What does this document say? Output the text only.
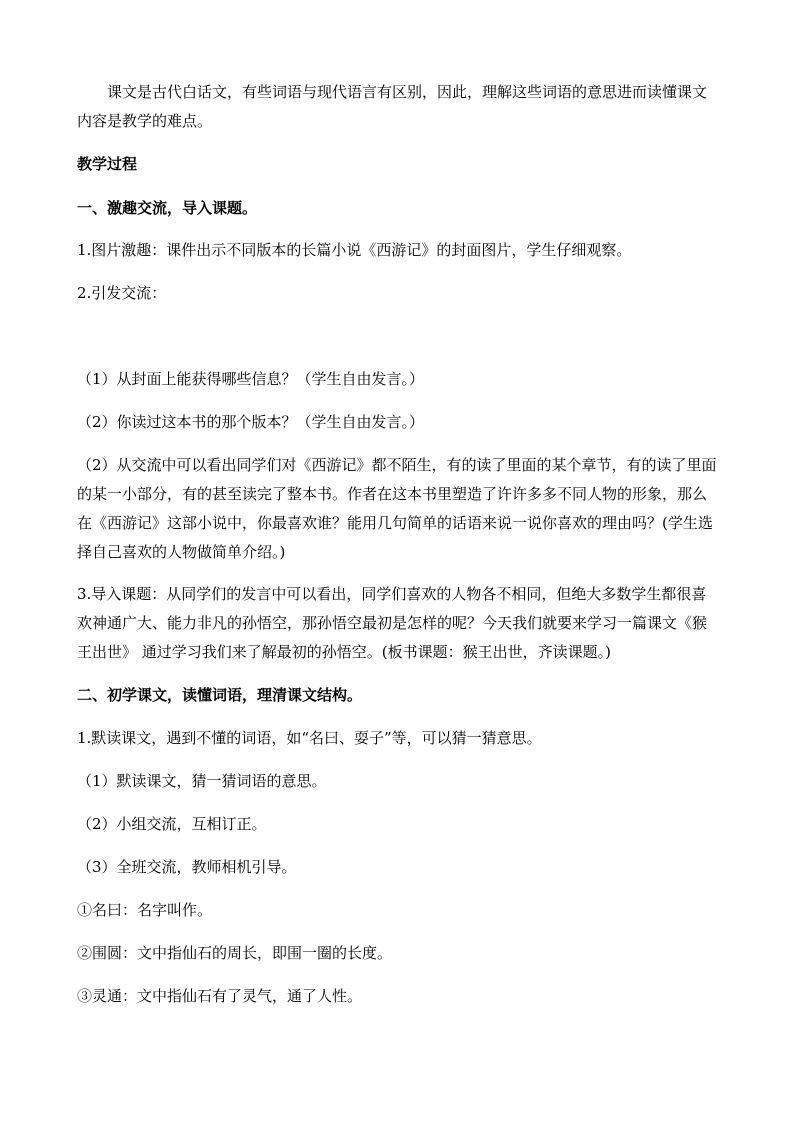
课文是古代白话文，有些词语与现代语言有区别，因此，理解这些词语的意思进而读懂课文内容是教学的难点。

教学过程

一、激趣交流，导入课题。

1.图片激趣：课件出示不同版本的长篇小说《西游记》的封面图片，学生仔细观察。

2.引发交流：

（1）从封面上能获得哪些信息？（学生自由发言。）

（2）你读过这本书的那个版本？（学生自由发言。）

（2）从交流中可以看出同学们对《西游记》都不陌生，有的读了里面的某个章节，有的读了里面的某一小部分，有的甚至读完了整本书。作者在这本书里塑造了许许多多不同人物的形象，那么在《西游记》这部小说中，你最喜欢谁？能用几句简单的话语来说一说你喜欢的理由吗？(学生选择自己喜欢的人物做简单介绍。)

3.导入课题：从同学们的发言中可以看出，同学们喜欢的人物各不相同，但绝大多数学生都很喜欢神通广大、能力非凡的孙悟空，那孙悟空最初是怎样的呢？今天我们就要来学习一篇课文《猴王出世》 通过学习我们来了解最初的孙悟空。(板书课题：猴王出世，齐读课题。)

二、初学课文，读懂词语，理清课文结构。

1.默读课文，遇到不懂的词语，如“名曰、耍子”等，可以猜一猜意思。

（1）默读课文，猜一猜词语的意思。

（2）小组交流，互相订正。

（3）全班交流，教师相机引导。

①名曰：名字叫作。

②围圆：文中指仙石的周长，即围一圈的长度。

③灵通：文中指仙石有了灵气，通了人性。
